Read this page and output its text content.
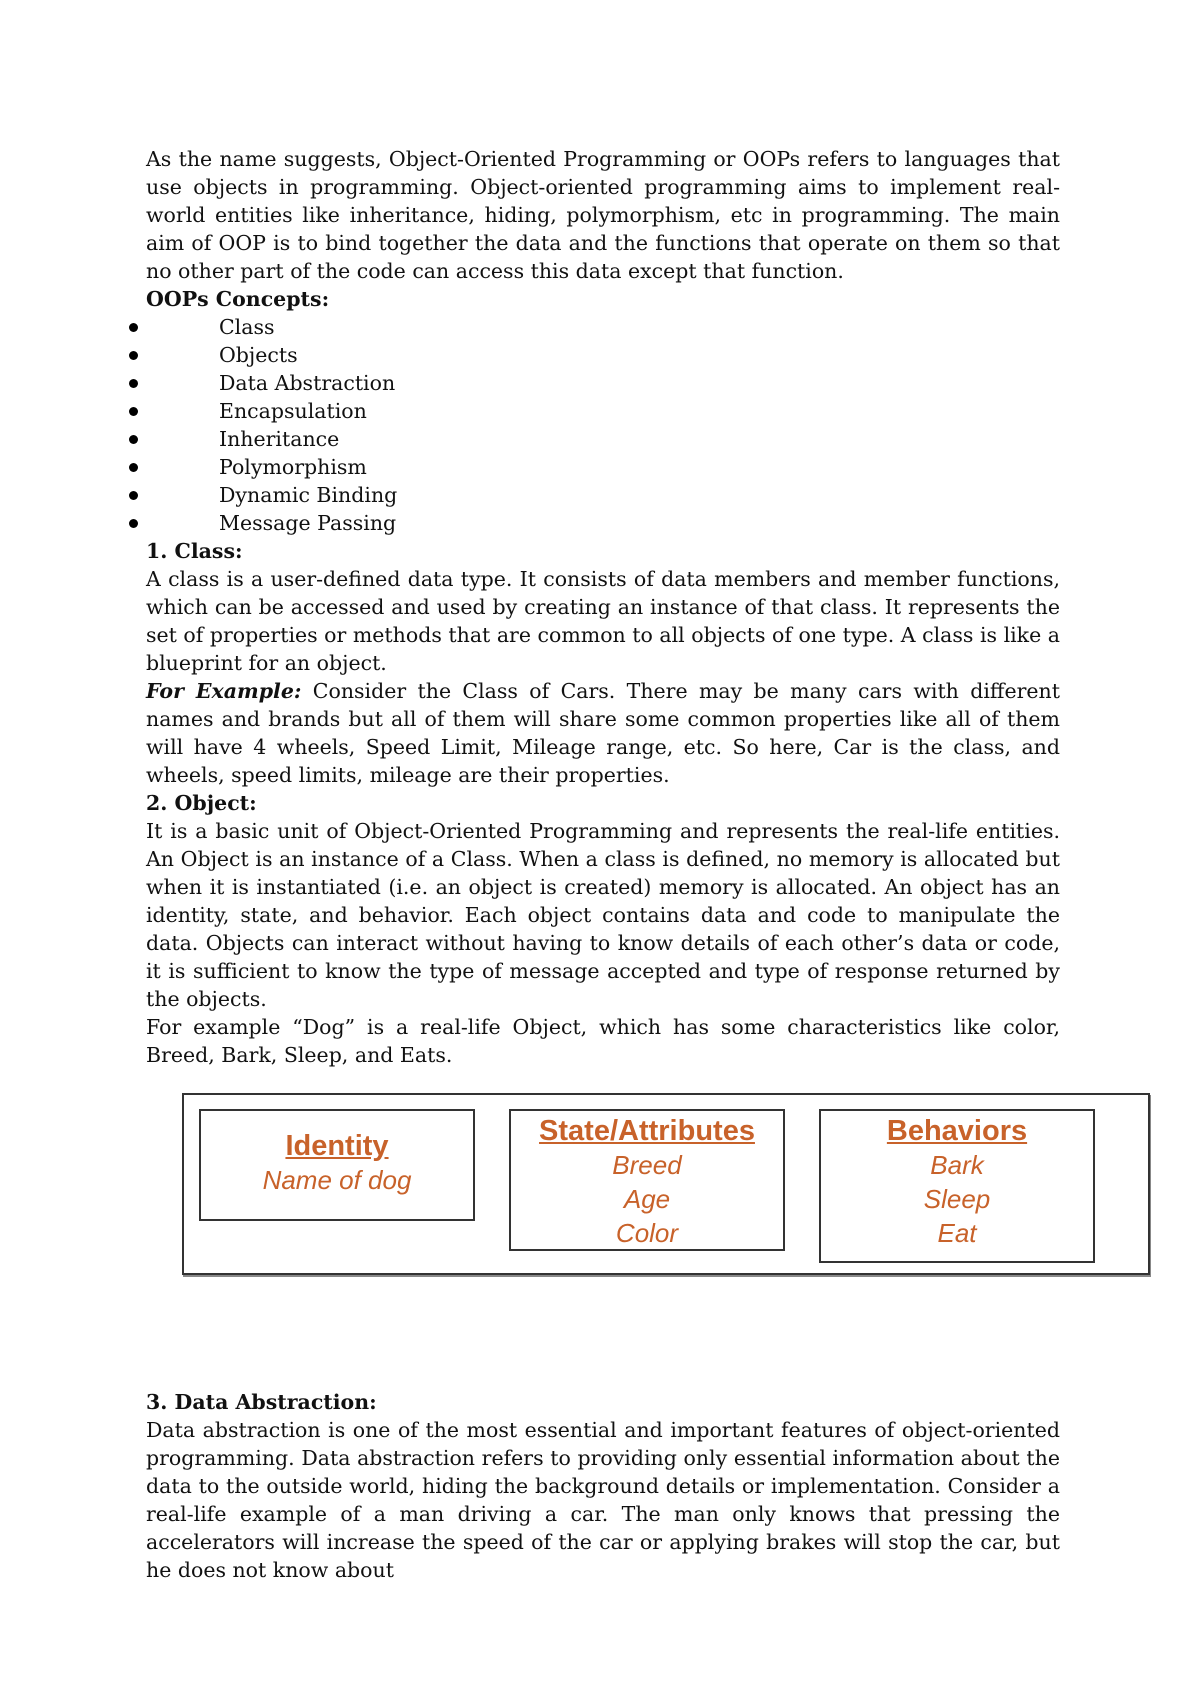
As the name suggests, Object-Oriented Programming or OOPs refers to languages that use objects in programming. Object-oriented programming aims to implement real-world entities like inheritance, hiding, polymorphism, etc in programming. The main aim of OOP is to bind together the data and the functions that operate on them so that no other part of the code can access this data except that function.

OOPs Concepts:
Class
Objects
Data Abstraction
Encapsulation
Inheritance
Polymorphism
Dynamic Binding
Message Passing
1. Class:

A class is a user-defined data type. It consists of data members and member functions, which can be accessed and used by creating an instance of that class. It represents the set of properties or methods that are common to all objects of one type. A class is like a blueprint for an object.

For Example: Consider the Class of Cars. There may be many cars with different names and brands but all of them will share some common properties like all of them will have 4 wheels, Speed Limit, Mileage range, etc. So here, Car is the class, and wheels, speed limits, mileage are their properties.

2. Object:

It is a basic unit of Object-Oriented Programming and represents the real-life entities. An Object is an instance of a Class. When a class is defined, no memory is allocated but when it is instantiated (i.e. an object is created) memory is allocated. An object has an identity, state, and behavior. Each object contains data and code to manipulate the data. Objects can interact without having to know details of each other’s data or code, it is sufficient to know the type of message accepted and type of response returned by the objects.

For example “Dog” is a real-life Object, which has some characteristics like color, Breed, Bark, Sleep, and Eats.

Identity
Name of dog
State/Attributes
Breed
Age
Color
Behaviors
Bark
Sleep
Eat
3. Data Abstraction:

Data abstraction is one of the most essential and important features of object-oriented programming. Data abstraction refers to providing only essential information about the data to the outside world, hiding the background details or implementation. Consider a real-life example of a man driving a car. The man only knows that pressing the accelerators will increase the speed of the car or applying brakes will stop the car, but he does not know about
